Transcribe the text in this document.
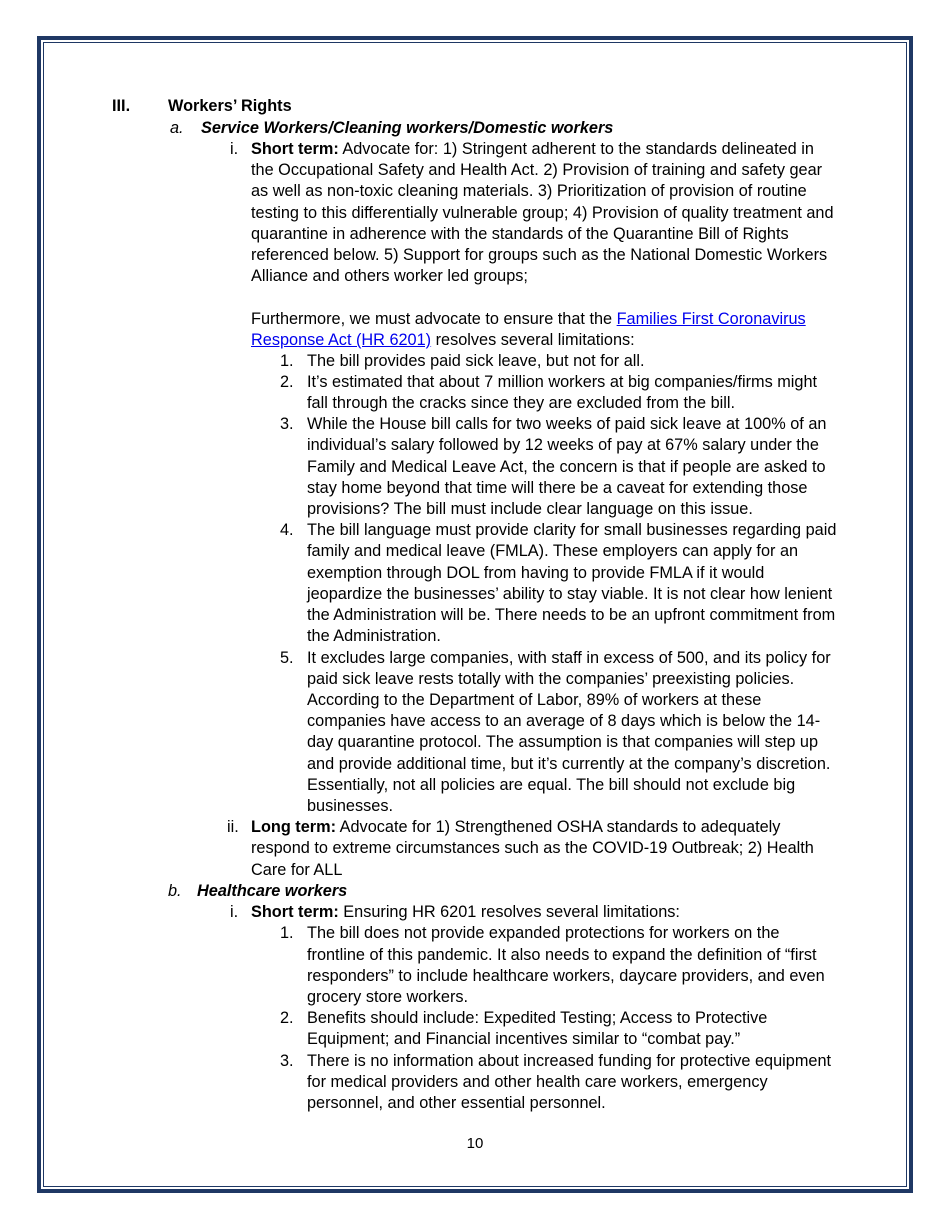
III. Workers’ Rights
a. Service Workers/Cleaning workers/Domestic workers
i. Short term: Advocate for: 1) Stringent adherent to the standards delineated in
the Occupational Safety and Health Act. 2) Provision of training and safety gear
as well as non-toxic cleaning materials. 3) Prioritization of provision of routine
testing to this differentially vulnerable group; 4) Provision of quality treatment and
quarantine in adherence with the standards of the Quarantine Bill of Rights
referenced below. 5) Support for groups such as the National Domestic Workers
Alliance and others worker led groups;
Furthermore, we must advocate to ensure that the Families First Coronavirus
Response Act (HR 6201) resolves several limitations:
1. The bill provides paid sick leave, but not for all.
2. It’s estimated that about 7 million workers at big companies/firms might
fall through the cracks since they are excluded from the bill.
3. While the House bill calls for two weeks of paid sick leave at 100% of an
individual’s salary followed by 12 weeks of pay at 67% salary under the
Family and Medical Leave Act, the concern is that if people are asked to
stay home beyond that time will there be a caveat for extending those
provisions? The bill must include clear language on this issue.
4. The bill language must provide clarity for small businesses regarding paid
family and medical leave (FMLA). These employers can apply for an
exemption through DOL from having to provide FMLA if it would
jeopardize the businesses’ ability to stay viable. It is not clear how lenient
the Administration will be. There needs to be an upfront commitment from
the Administration.
5. It excludes large companies, with staff in excess of 500, and its policy for
paid sick leave rests totally with the companies’ preexisting policies.
According to the Department of Labor, 89% of workers at these
companies have access to an average of 8 days which is below the 14-
day quarantine protocol. The assumption is that companies will step up
and provide additional time, but it’s currently at the company’s discretion.
Essentially, not all policies are equal. The bill should not exclude big
businesses.
ii. Long term: Advocate for 1) Strengthened OSHA standards to adequately
respond to extreme circumstances such as the COVID-19 Outbreak; 2) Health
Care for ALL
b. Healthcare workers
i. Short term: Ensuring HR 6201 resolves several limitations:
1. The bill does not provide expanded protections for workers on the
frontline of this pandemic. It also needs to expand the definition of “first
responders” to include healthcare workers, daycare providers, and even
grocery store workers.
2. Benefits should include: Expedited Testing; Access to Protective
Equipment; and Financial incentives similar to “combat pay.”
3. There is no information about increased funding for protective equipment
for medical providers and other health care workers, emergency
personnel, and other essential personnel.
10
